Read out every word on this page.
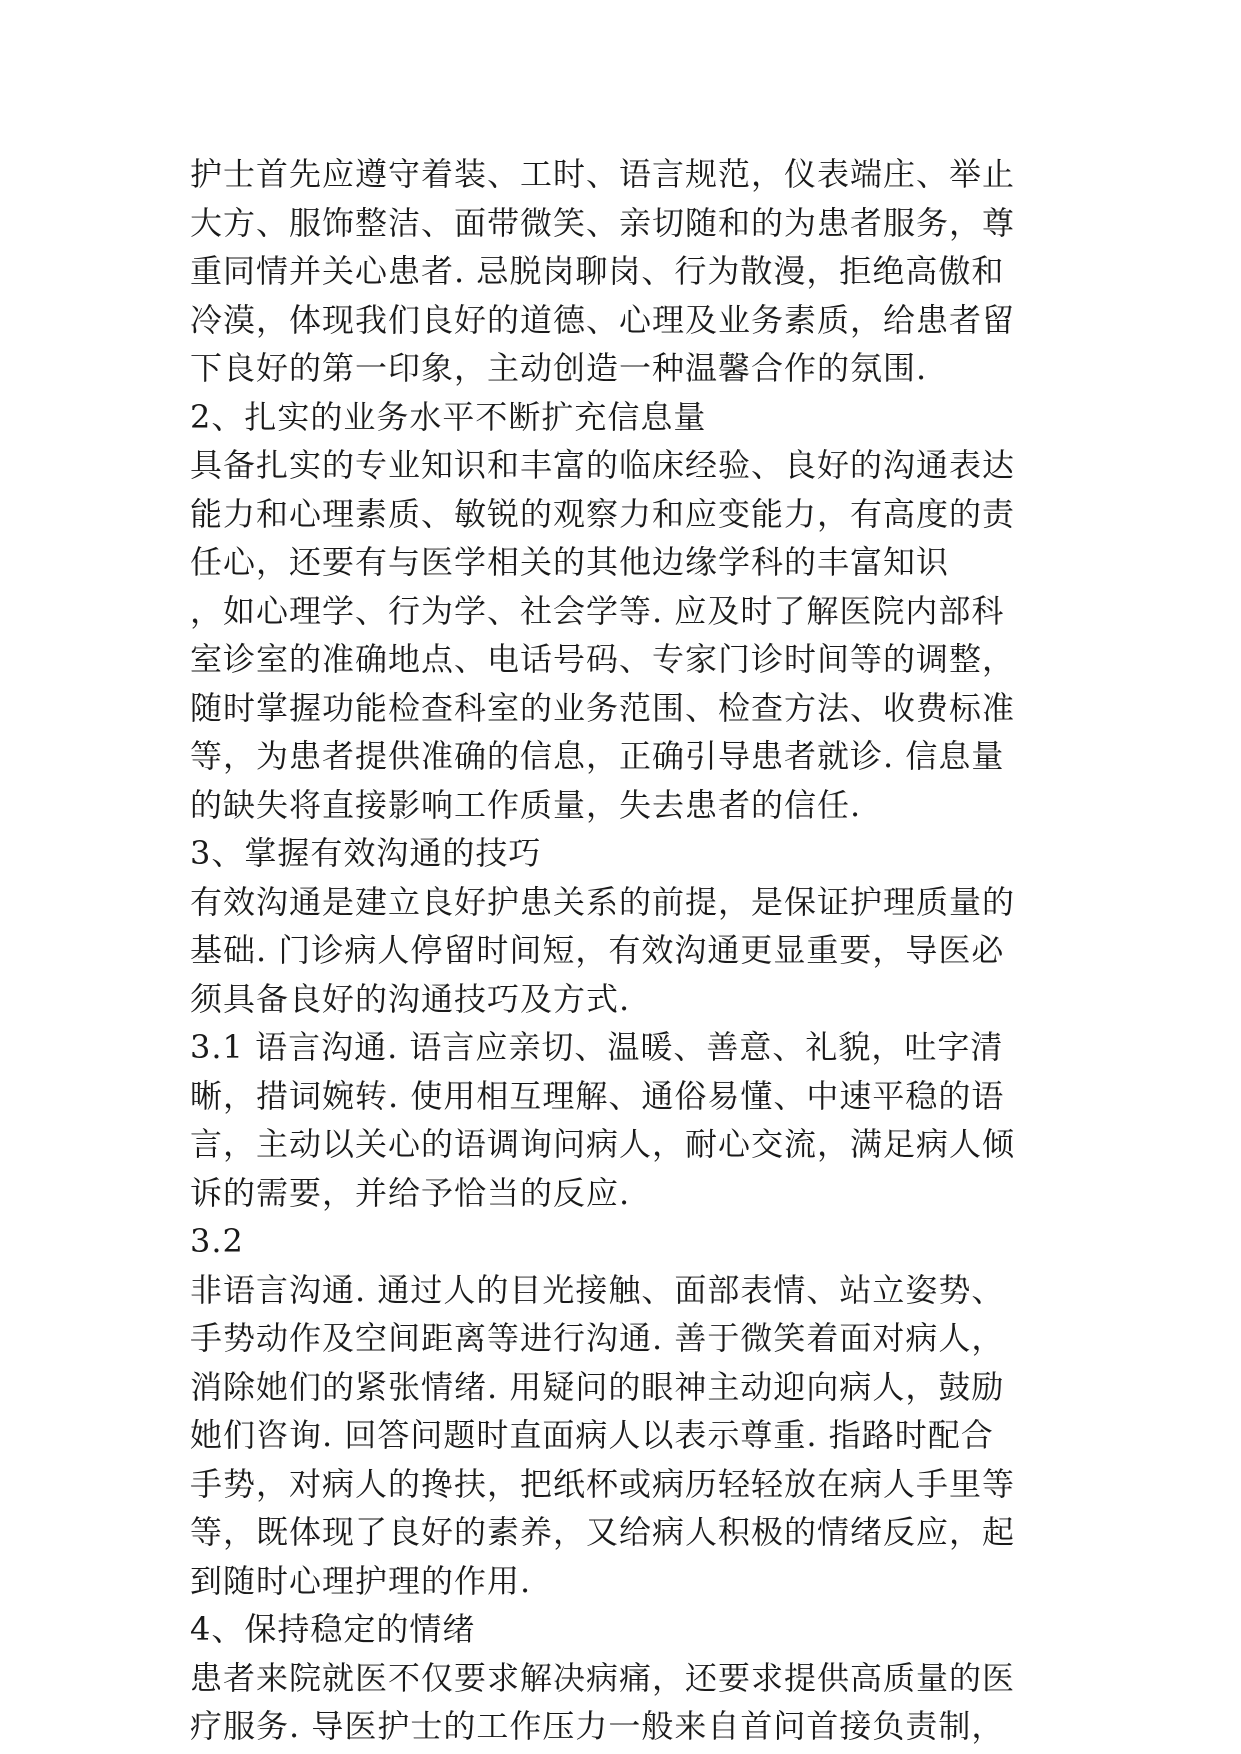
护士首先应遵守着装、工时、语言规范，仪表端庄、举止
大方、服饰整洁、面带微笑、亲切随和的为患者服务，尊
重同情并关心患者. 忌脱岗聊岗、行为散漫，拒绝高傲和
冷漠，体现我们良好的道德、心理及业务素质，给患者留
下良好的第一印象，主动创造一种温馨合作的氛围.
2、扎实的业务水平不断扩充信息量
具备扎实的专业知识和丰富的临床经验、良好的沟通表达
能力和心理素质、敏锐的观察力和应变能力，有高度的责
任心，还要有与医学相关的其他边缘学科的丰富知识
，如心理学、行为学、社会学等. 应及时了解医院内部科
室诊室的准确地点、电话号码、专家门诊时间等的调整，
随时掌握功能检查科室的业务范围、检查方法、收费标准
等，为患者提供准确的信息，正确引导患者就诊. 信息量
的缺失将直接影响工作质量，失去患者的信任.
3、掌握有效沟通的技巧
有效沟通是建立良好护患关系的前提，是保证护理质量的
基础. 门诊病人停留时间短，有效沟通更显重要，导医必
须具备良好的沟通技巧及方式.
3.1 语言沟通. 语言应亲切、温暖、善意、礼貌，吐字清
晰，措词婉转. 使用相互理解、通俗易懂、中速平稳的语
言，主动以关心的语调询问病人，耐心交流，满足病人倾
诉的需要，并给予恰当的反应.
3.2
非语言沟通. 通过人的目光接触、面部表情、站立姿势、
手势动作及空间距离等进行沟通. 善于微笑着面对病人，
消除她们的紧张情绪. 用疑问的眼神主动迎向病人，鼓励
她们咨询. 回答问题时直面病人以表示尊重. 指路时配合
手势，对病人的搀扶，把纸杯或病历轻轻放在病人手里等
等，既体现了良好的素养，又给病人积极的情绪反应，起
到随时心理护理的作用.
4、保持稳定的情绪
患者来院就医不仅要求解决病痛，还要求提供高质量的医
疗服务. 导医护士的工作压力一般来自首问首接负责制，
